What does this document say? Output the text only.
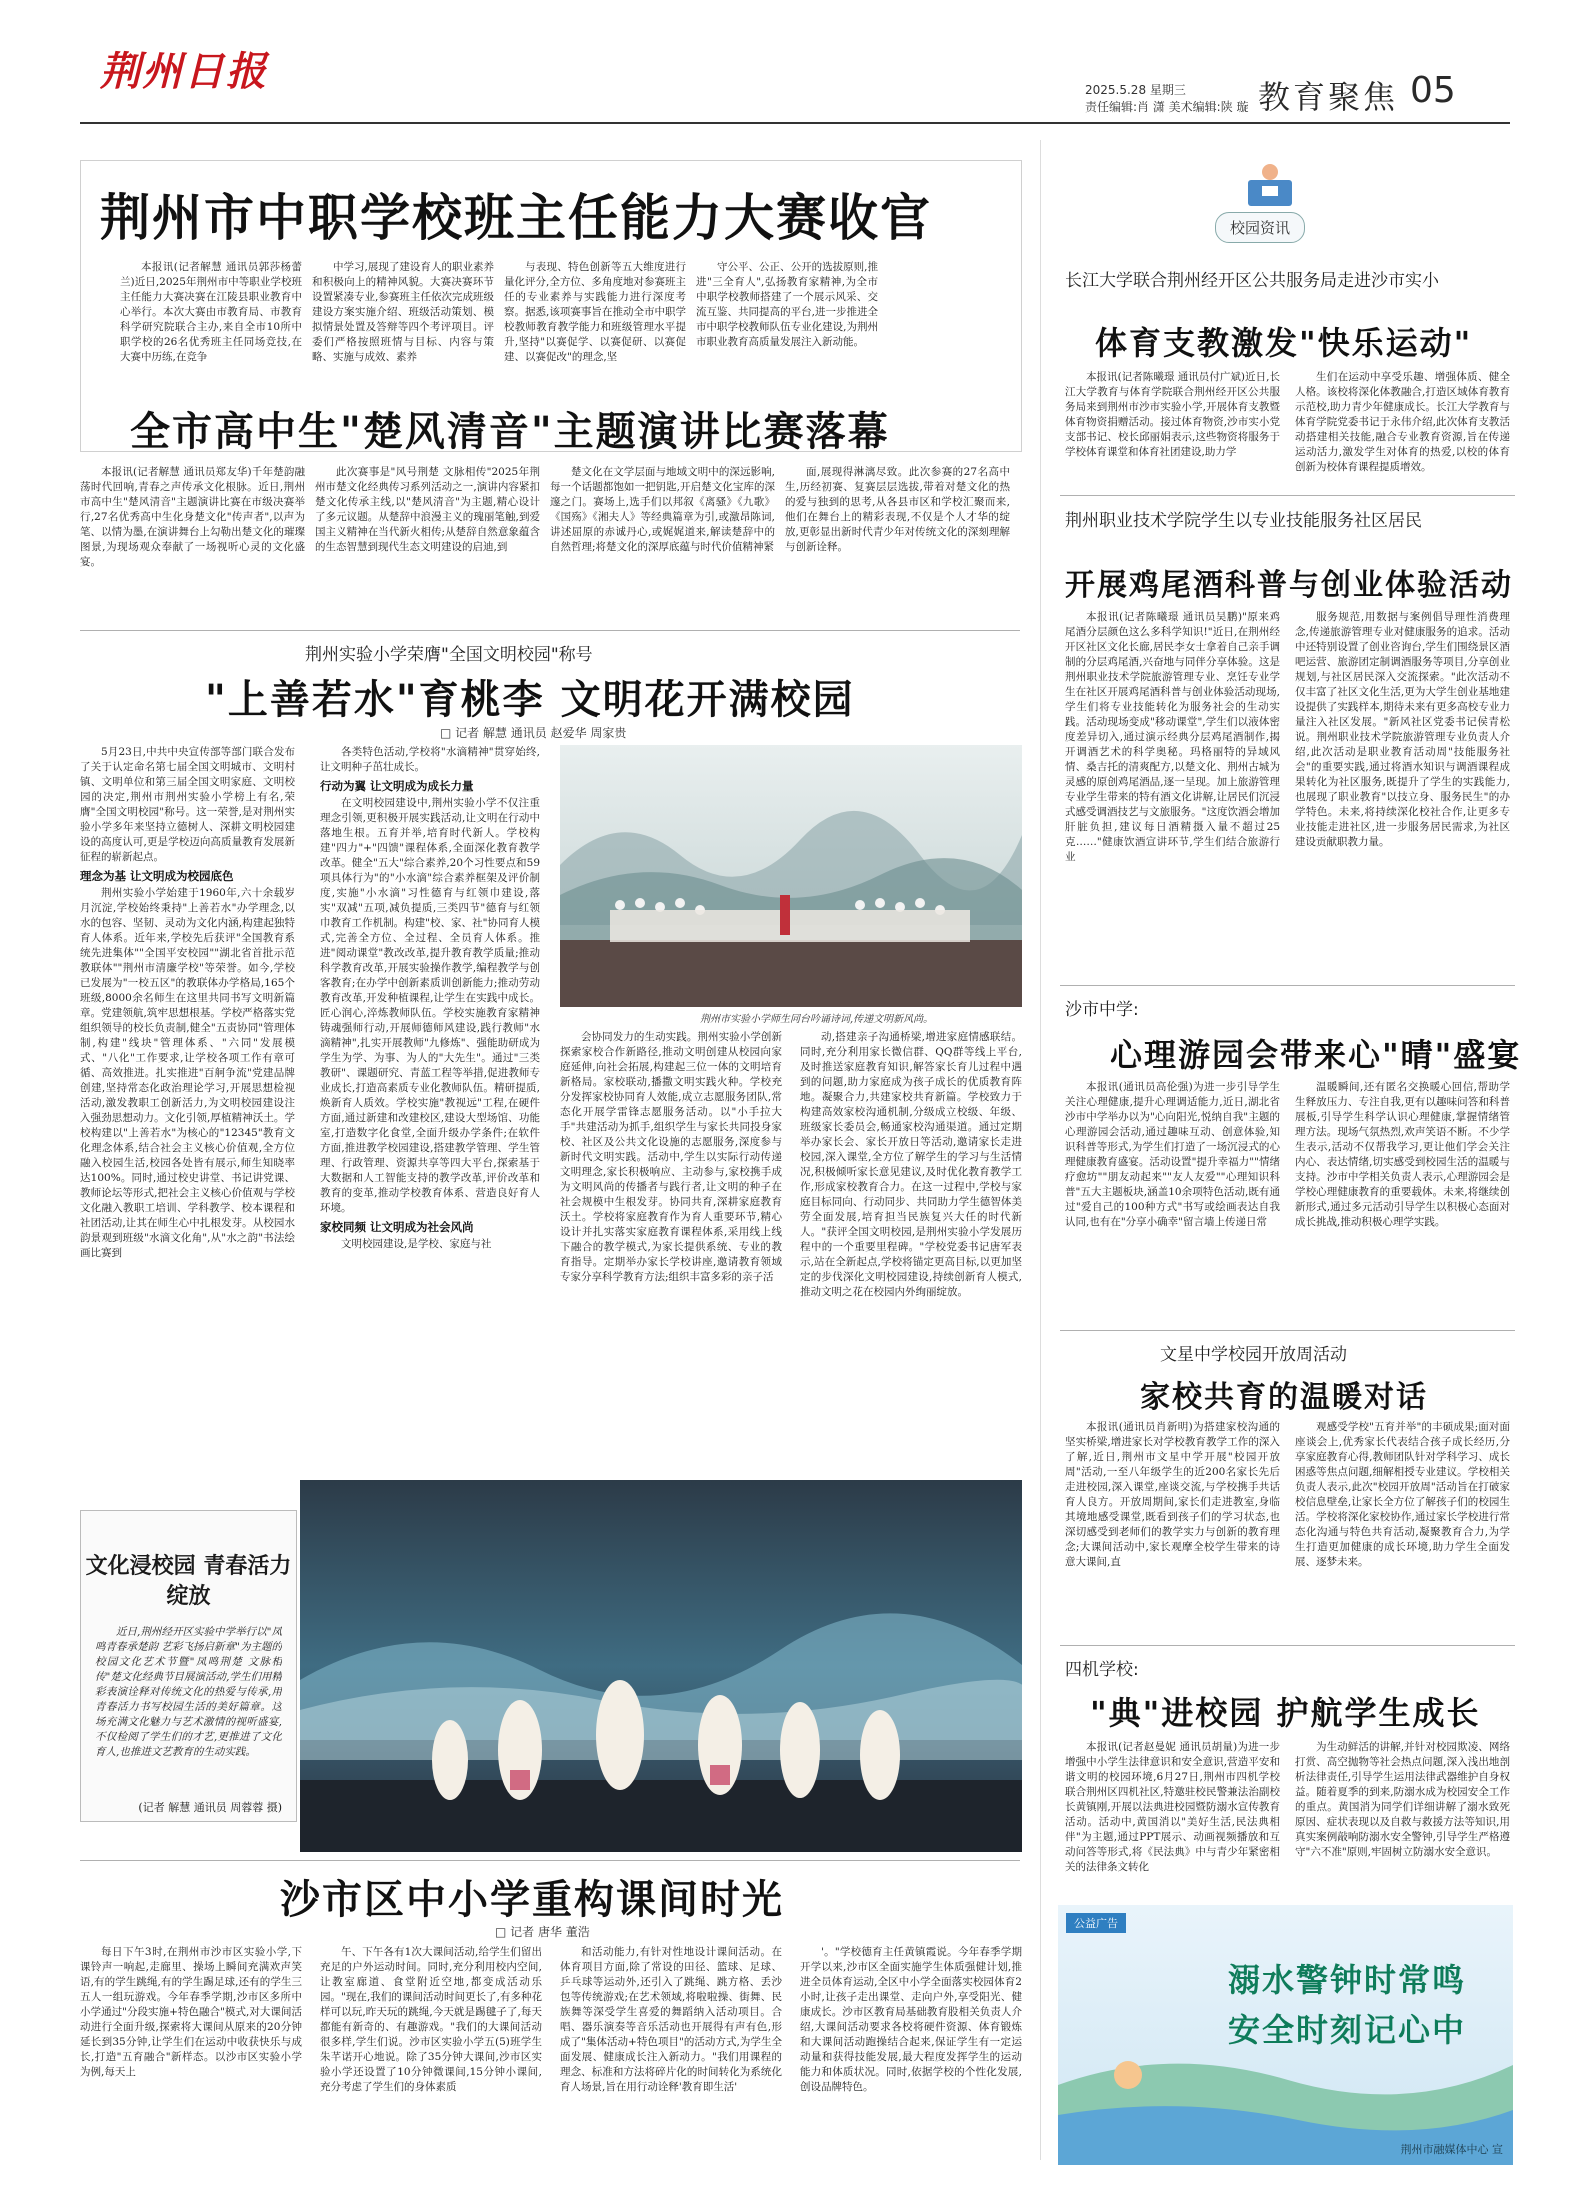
荆州日报	2025.5.28 星期三
责任编辑:肖 潇 美术编辑:陕 璇 教育聚焦 05
荆州市中职学校班主任能力大赛收官

本报讯(记者解慧 通讯员郭莎杨蕾兰)近日,2025年荆州市中等职业学校班主任能力大赛决赛在江陵县职业教育中心举行。本次大赛由市教育局、市教育科学研究院联合主办,来自全市10所中职学校的26名优秀班主任同场竞技,在大赛中历练,在竞争

中学习,展现了建设育人的职业素养和积极向上的精神风貌。大赛决赛环节设置紧凑专业,参赛班主任依次完成班级建设方案实施介绍、班级活动策划、模拟情景处置及答辩等四个考评项目。评委们严格按照班情与目标、内容与策略、实施与成效、素养

与表现、特色创新等五大维度进行量化评分,全方位、多角度地对参赛班主任的专业素养与实践能力进行深度考察。据悉,该项赛事旨在推动全市中职学校教师教育教学能力和班级管理水平提升,坚持"以赛促学、以赛促研、以赛促建、以赛促改"的理念,坚

守公平、公正、公开的选拔原则,推进"三全育人",弘扬教育家精神,为全市中职学校教师搭建了一个展示风采、交流互鉴、共同提高的平台,进一步推进全市中职学校教师队伍专业化建设,为荆州市职业教育高质量发展注入新动能。

全市高中生"楚风清音"主题演讲比赛落幕

本报讯(记者解慧 通讯员郑友华)千年楚韵融荡时代回响,青春之声传承文化根脉。近日,荆州市高中生"楚风清音"主题演讲比赛在市级决赛举行,27名优秀高中生化身楚文化"传声者",以声为笔、以情为墨,在演讲舞台上勾勒出楚文化的璀璨图景,为现场观众奉献了一场视听心灵的文化盛宴。

此次赛事是"风号荆楚 文脉相传"2025年荆州市楚文化经典传习系列活动之一,演讲内容紧扣楚文化传承主线,以"楚风清音"为主题,精心设计了多元议题。从楚辞中浪漫主义的瑰丽笔触,到爱国主义精神在当代新火相传;从楚辞自然意象蕴含的生态智慧到现代生态文明建设的启迪,到

楚文化在文学层面与地域文明中的深远影响,每一个话题都饱如一把钥匙,开启楚文化宝库的深邃之门。赛场上,选手们以邦叙《离骚》《九歌》《国殇》《湘夫人》等经典篇章为引,或激昂陈词,讲述屈原的赤诚丹心,或娓娓道来,解读楚辞中的自然哲理;将楚文化的深厚底蕴与时代价值精神紧

面,展现得淋漓尽致。此次参赛的27名高中生,历经初赛、复赛层层选拔,带着对楚文化的热的爱与独到的思考,从各县市区和学校汇聚而来,他们在舞台上的精彩表现,不仅是个人才华的绽放,更彰显出新时代青少年对传统文化的深刻理解与创新诠释。

荆州实验小学荣膺"全国文明校园"称号
"上善若水"育桃李 文明花开满校园
□ 记者 解慧 通讯员 赵爱华 周家贵

5月23日,中共中央宣传部等部门联合发布了关于认定命名第七届全国文明城市、文明村镇、文明单位和第三届全国文明家庭、文明校园的决定,荆州市荆州实验小学榜上有名,荣膺"全国文明校园"称号。这一荣誉,是对荆州实验小学多年来坚持立德树人、深耕文明校园建设的高度认可,更是学校迈向高质量教育发展新征程的崭新起点。

理念为基 让文明成为校园底色

荆州实验小学始建于1960年,六十余载岁月沉淀,学校始终秉持"上善若水"办学理念,以水的包容、坚韧、灵动为文化内涵,构建起独特育人体系。近年来,学校先后获评"全国教育系统先进集体""全国平安校园""湖北省首批示范教联体""荆州市清廉学校"等荣誉。如今,学校已发展为"一校五区"的教联体办学格局,165个班级,8000余名师生在这里共同书写文明新篇章。党建领航,筑牢思想根基。学校严格落实党组织领导的校长负责制,健全"五责协同"管理体制,构建"线块"管理体系、"六同"发展模式、"八化"工作要求,让学校各项工作有章可循、高效推进。扎实推进"百舸争流"党建品牌创建,坚持常态化政治理论学习,开展思想检视活动,激发教职工创新活力,为文明校园建设注入强劲思想动力。文化引领,厚植精神沃土。学校构建以"上善若水"为核心的"12345"教育文化理念体系,结合社会主义核心价值观,全方位融入校园生活,校园各处皆有展示,师生知晓率达100%。同时,通过校史讲堂、书记讲党课、教师论坛等形式,把社会主义核心价值观与学校文化融入教职工培训、学科教学、校本课程和社团活动,让其在师生心中扎根发芽。从校园水韵景观到班级"水滴文化角",从"水之韵"书法绘画比赛到

各类特色活动,学校将"水滴精神"贯穿始终,让文明种子茁壮成长。

行动为翼 让文明成为成长力量

在文明校园建设中,荆州实验小学不仅注重理念引领,更积极开展实践活动,让文明在行动中落地生根。五育并举,培育时代新人。学校构建"四力"+"四馈"课程体系,全面深化教育教学改革。健全"五大"综合素养,20个习性要点和59项具体行为"的"小水滴"综合素养框架及评价制度,实施"小水滴"习性德育与红领巾建设,落实"双减"五项,减负提质,三类四节"德育与红领巾教育工作机制。构建"校、家、社"协同育人模式,完善全方位、全过程、全员育人体系。推进"阅动课堂"教改改革,提升教育教学质量;推动科学教育改革,开展实验操作教学,编程教学与创客教育;在办学中创新素质训创新能力;推动劳动教育改革,开发种植课程,让学生在实践中成长。匠心润心,淬炼教师队伍。学校实施教育家精神铸魂强师行动,开展师德师风建设,践行教师"水滴精神",扎实开展教师"九修炼"、强能助研成为学生为学、为事、为人的"大先生"。通过"三类教研"、课题研究、青蓝工程等举措,促进教师专业成长,打造高素质专业化教师队伍。精研提质,焕新育人质效。学校实施"教视远"工程,在硬件方面,通过新建和改建校区,建设大型场馆、功能室,打造数字化食堂,全面升级办学条件;在软件方面,推进教学校园建设,搭建教学管理、学生管理、行政管理、资源共享等四大平台,探索基于大数据和人工智能支持的教学改革,评价改革和教育的变革,推动学校教育体系、营造良好育人环境。

家校同频 让文明成为社会风尚

文明校园建设,是学校、家庭与社

荆州市实验小学师生同台吟诵诗词,传递文明新风尚。

会协同发力的生动实践。荆州实验小学创新探索家校合作新路径,推动文明创建从校园向家庭延伸,向社会拓展,构建起三位一体的文明培育新格局。家校联动,播撒文明实践火种。学校充分发挥家校协同育人效能,成立志愿服务团队,常态化开展学雷锋志愿服务活动。以"小手拉大手"共建活动为抓手,组织学生与家长共同投身家校、社区及公共文化设施的志愿服务,深度参与新时代文明实践。活动中,学生以实际行动传递文明理念,家长积极响应、主动参与,家校携手成为文明风尚的传播者与践行者,让文明的种子在社会规模中生根发芽。协同共育,深耕家庭教育沃土。学校将家庭教育作为育人重要环节,精心设计并扎实落实家庭教育课程体系,采用线上线下融合的教学模式,为家长提供系统、专业的教育指导。定期举办家长学校讲座,邀请教育领域专家分享科学教育方法;组织丰富多彩的亲子活

动,搭建亲子沟通桥梁,增进家庭情感联结。同时,充分利用家长微信群、QQ群等线上平台,及时推送家庭教育知识,解答家长育儿过程中遇到的问题,助力家庭成为孩子成长的优质教育阵地。凝聚合力,共建家校共育新篇。学校致力于构建高效家校沟通机制,分级成立校级、年级、班级家长委员会,畅通家校沟通渠道。通过定期举办家长会、家长开放日等活动,邀请家长走进校园,深入课堂,全方位了解学生的学习与生活情况,积极倾听家长意见建议,及时优化教育教学工作,形成家校教育合力。在这一过程中,学校与家庭目标同向、行动同步、共同助力学生德智体美劳全面发展,培育担当民族复兴大任的时代新人。"获评全国文明校园,是荆州实验小学发展历程中的一个重要里程碑。"学校党委书记唐军表示,站在全新起点,学校将锚定更高目标,以更加坚定的步伐深化文明校园建设,持续创新育人模式,推动文明之花在校园内外绚丽绽放。

文化浸校园 青春活力绽放

近日,荆州经开区实验中学举行以"凤鸣青春承楚韵 艺彩飞扬启新章"为主题的校园文化艺术节暨"凤鸣荆楚 文脉相传"楚文化经典节目展演活动,学生们用精彩表演诠释对传统文化的热爱与传承,用青春活力书写校园生活的美好篇章。这场充满文化魅力与艺术激情的视听盛宴,不仅检阅了学生们的才艺,更推进了文化育人,也推进文艺教育的生动实践。

(记者 解慧 通讯员 周蓉蓉 摄)
沙市区中小学重构课间时光
□ 记者 唐华 董浩

每日下午3时,在荆州市沙市区实验小学,下课铃声一响起,走廊里、操场上瞬间充满欢声笑语,有的学生跳绳,有的学生踢足球,还有的学生三五人一组玩游戏。今年春季学期,沙市区多所中小学通过"分段实施+特色融合"模式,对大课间活动进行全面升级,探索将大课间从原来的20分钟延长到35分钟,让学生们在运动中收获快乐与成长,打造"五育融合"新样态。以沙市区实验小学为例,每天上

午、下午各有1次大课间活动,给学生们留出充足的户外运动时间。同时,充分利用校内空间,让教室廊道、食堂附近空地,都变成活动乐园。"现在,我们的课间活动时间更长了,有多种花样可以玩,昨天玩的跳绳,今天就是踢毽子了,每天都能有新奇的、有趣游戏。"我们的大课间活动很多样,学生们说。沙市区实验小学五(5)班学生朱芊诺开心地说。除了35分钟大课间,沙市区实验小学还设置了10分钟微课间,15分钟小课间,充分考虑了学生们的身体素质

和活动能力,有针对性地设计课间活动。在体育项目方面,除了常设的田径、篮球、足球、乒乓球等运动外,还引入了跳绳、跳方格、丢沙包等传统游戏;在艺术领域,将啦啦操、街舞、民族舞等深受学生喜爱的舞蹈纳入活动项目。合唱、器乐演奏等音乐活动也开展得有声有色,形成了"集体活动+特色项目"的活动方式,为学生全面发展、健康成长注入新动力。"我们用课程的理念、标准和方法将碎片化的时间转化为系统化育人场景,旨在用行动诠释'教育即生活'

'。"学校德育主任黄镇霞说。今年春季学期开学以来,沙市区全面实施学生体质强健计划,推进全员体育运动,全区中小学全面落实校园体育2小时,让孩子走出课堂、走向户外,享受阳光、健康成长。沙市区教育局基础教育股相关负责人介绍,大课间活动要求各校将硬件资源、体育锻炼和大课间活动跑操结合起来,保证学生有一定运动量和获得技能发展,最大程度发挥学生的运动能力和体质状况。同时,依据学校的个性化发展,创设品牌特色。

校园资讯
长江大学联合荆州经开区公共服务局走进沙市实小
体育支教激发"快乐运动"

本报讯(记者陈曦璟 通讯员付广斌)近日,长江大学教育与体育学院联合荆州经开区公共服务局来到荆州市沙市实验小学,开展体育支教暨体育物资捐赠活动。接过体育物资,沙市实小党支部书记、校长邱丽娟表示,这些物资将服务于学校体育课堂和体育社团建设,助力学

生们在运动中享受乐趣、增强体质、健全人格。该校将深化体教融合,打造区域体育教育示范校,助力青少年健康成长。长江大学教育与体育学院党委书记于永伟介绍,此次体育支教活动搭建相关技能,融合专业教育资源,旨在传递运动活力,激发学生对体育的热爱,以校的体育创新为校体育课程提质增效。

荆州职业技术学院学生以专业技能服务社区居民
开展鸡尾酒科普与创业体验活动

本报讯(记者陈曦璟 通讯员吴鹏)"原来鸡尾酒分层颜色这么多科学知识!"近日,在荆州经开区社区文化长廊,居民李女士拿着自己亲手调制的分层鸡尾酒,兴奋地与同伴分享体验。这是荆州职业技术学院旅游管理专业、烹饪专业学生在社区开展鸡尾酒科普与创业体验活动现场,学生们将专业技能转化为服务社会的生动实践。活动现场变成"移动课堂",学生们以液体密度差异切入,通过演示经典分层鸡尾酒制作,揭开调酒艺术的科学奥秘。玛格丽特的异域风情、桑吉托的清爽配方,以楚文化、荆州古城为灵感的原创鸡尾酒品,逐一呈现。加上旅游管理专业学生带来的特有酒文化讲解,让居民们沉浸式感受调酒技艺与文旅服务。"这度饮酒会增加肝脏负担,建议每日酒精摄入量不超过25克……"健康饮酒宣讲环节,学生们结合旅游行业

服务规范,用数据与案例倡导理性消费理念,传递旅游管理专业对健康服务的追求。活动中还特别设置了创业咨询台,学生们围绕景区酒吧运营、旅游团定制调酒服务等项目,分享创业规划,与社区居民深入交流探索。"此次活动不仅丰富了社区文化生活,更为大学生创业基地建设提供了实践样本,期待未来有更多高校专业力量注入社区发展。"新风社区党委书记侯青松说。荆州职业技术学院旅游管理专业负责人介绍,此次活动是职业教育活动周"技能服务社会"的重要实践,通过将酒水知识与调酒课程成果转化为社区服务,既提升了学生的实践能力,也展现了职业教育"以技立身、服务民生"的办学特色。未来,将持续深化校社合作,让更多专业技能走进社区,进一步服务居民需求,为社区建设贡献职教力量。

沙市中学:
心理游园会带来心"晴"盛宴

本报讯(通讯员高伦强)为进一步引导学生关注心理健康,提升心理调适能力,近日,湖北省沙市中学举办以为"心向阳光,悦纳自我"主题的心理游园会活动,通过趣味互动、创意体验,知识科普等形式,为学生们打造了一场沉浸式的心理健康教育盛宴。活动设置"提升幸福力""情绪疗愈坊""朋友动起来""友人友爱""心理知识科普"五大主题板块,涵盖10余项特色活动,既有通过"爱自己的100种方式"书写或绘画表达自我认同,也有在"分享小确幸"留言墙上传递日常

温暖瞬间,还有匿名交换暖心回信,帮助学生释放压力、专注自我,更有以趣味问答和科普展板,引导学生科学认识心理健康,掌握情绪管理方法。现场气氛热烈,欢声笑语不断。不少学生表示,活动不仅帮我学习,更让他们学会关注内心、表达情绪,切实感受到校园生活的温暖与支持。沙市中学相关负责人表示,心理游园会是学校心理健康教育的重要载体。未来,将继续创新形式,通过多元活动引导学生以积极心态面对成长挑战,推动积极心理学实践。

文星中学校园开放周活动
家校共育的温暖对话

本报讯(通讯员肖新明)为搭建家校沟通的坚实桥梁,增进家长对学校教育教学工作的深入了解,近日,荆州市文星中学开展"校园开放周"活动,一至八年级学生的近200名家长先后走进校园,深入课堂,座谈交流,与学校携手共话育人良方。开放周期间,家长们走进教室,身临其境地感受课堂,既看到孩子们的学习状态,也深切感受到老师们的教学实力与创新的教育理念;大课间活动中,家长观摩全校学生带来的诗意大课间,直

观感受学校"五育并举"的丰硕成果;面对面座谈会上,优秀家长代表结合孩子成长经历,分享家庭教育心得,教师团队针对学科学习、成长困惑等焦点问题,细解相授专业建议。学校相关负责人表示,此次"校园开放周"活动旨在打破家校信息壁垒,让家长全方位了解孩子们的校园生活。学校将深化家校协作,通过家长学校进行常态化沟通与特色共育活动,凝聚教育合力,为学生打造更加健康的成长环境,助力学生全面发展、逐梦未来。

四机学校:
"典"进校园 护航学生成长

本报讯(记者赵曼妮 通讯员胡量)为进一步增强中小学生法律意识和安全意识,营造平安和谐文明的校园环境,6月27日,荆州市四机学校联合荆州区四机社区,特邀驻校民警兼法治副校长黄镇刚,开展以法典进校园暨防溺水宣传教育活动。活动中,黄国消以"美好生活,民法典相伴"为主题,通过PPT展示、动画视频播放和互动问答等形式,将《民法典》中与青少年紧密相关的法律条文转化

为生动鲜活的讲解,并针对校园欺凌、网络打赏、高空抛物等社会热点问题,深入浅出地剖析法律责任,引导学生运用法律武器维护自身权益。随着夏季的到来,防溺水成为校园安全工作的重点。黄国消为同学们详细讲解了溺水致死原因、症状表现以及自救与救援方法等知识,用真实案例敲响防溺水安全警钟,引导学生严格遵守"六不准"原则,牢固树立防溺水安全意识。

公益广告
溺水警钟时常鸣
安全时刻记心中
荆州市融媒体中心 宣
